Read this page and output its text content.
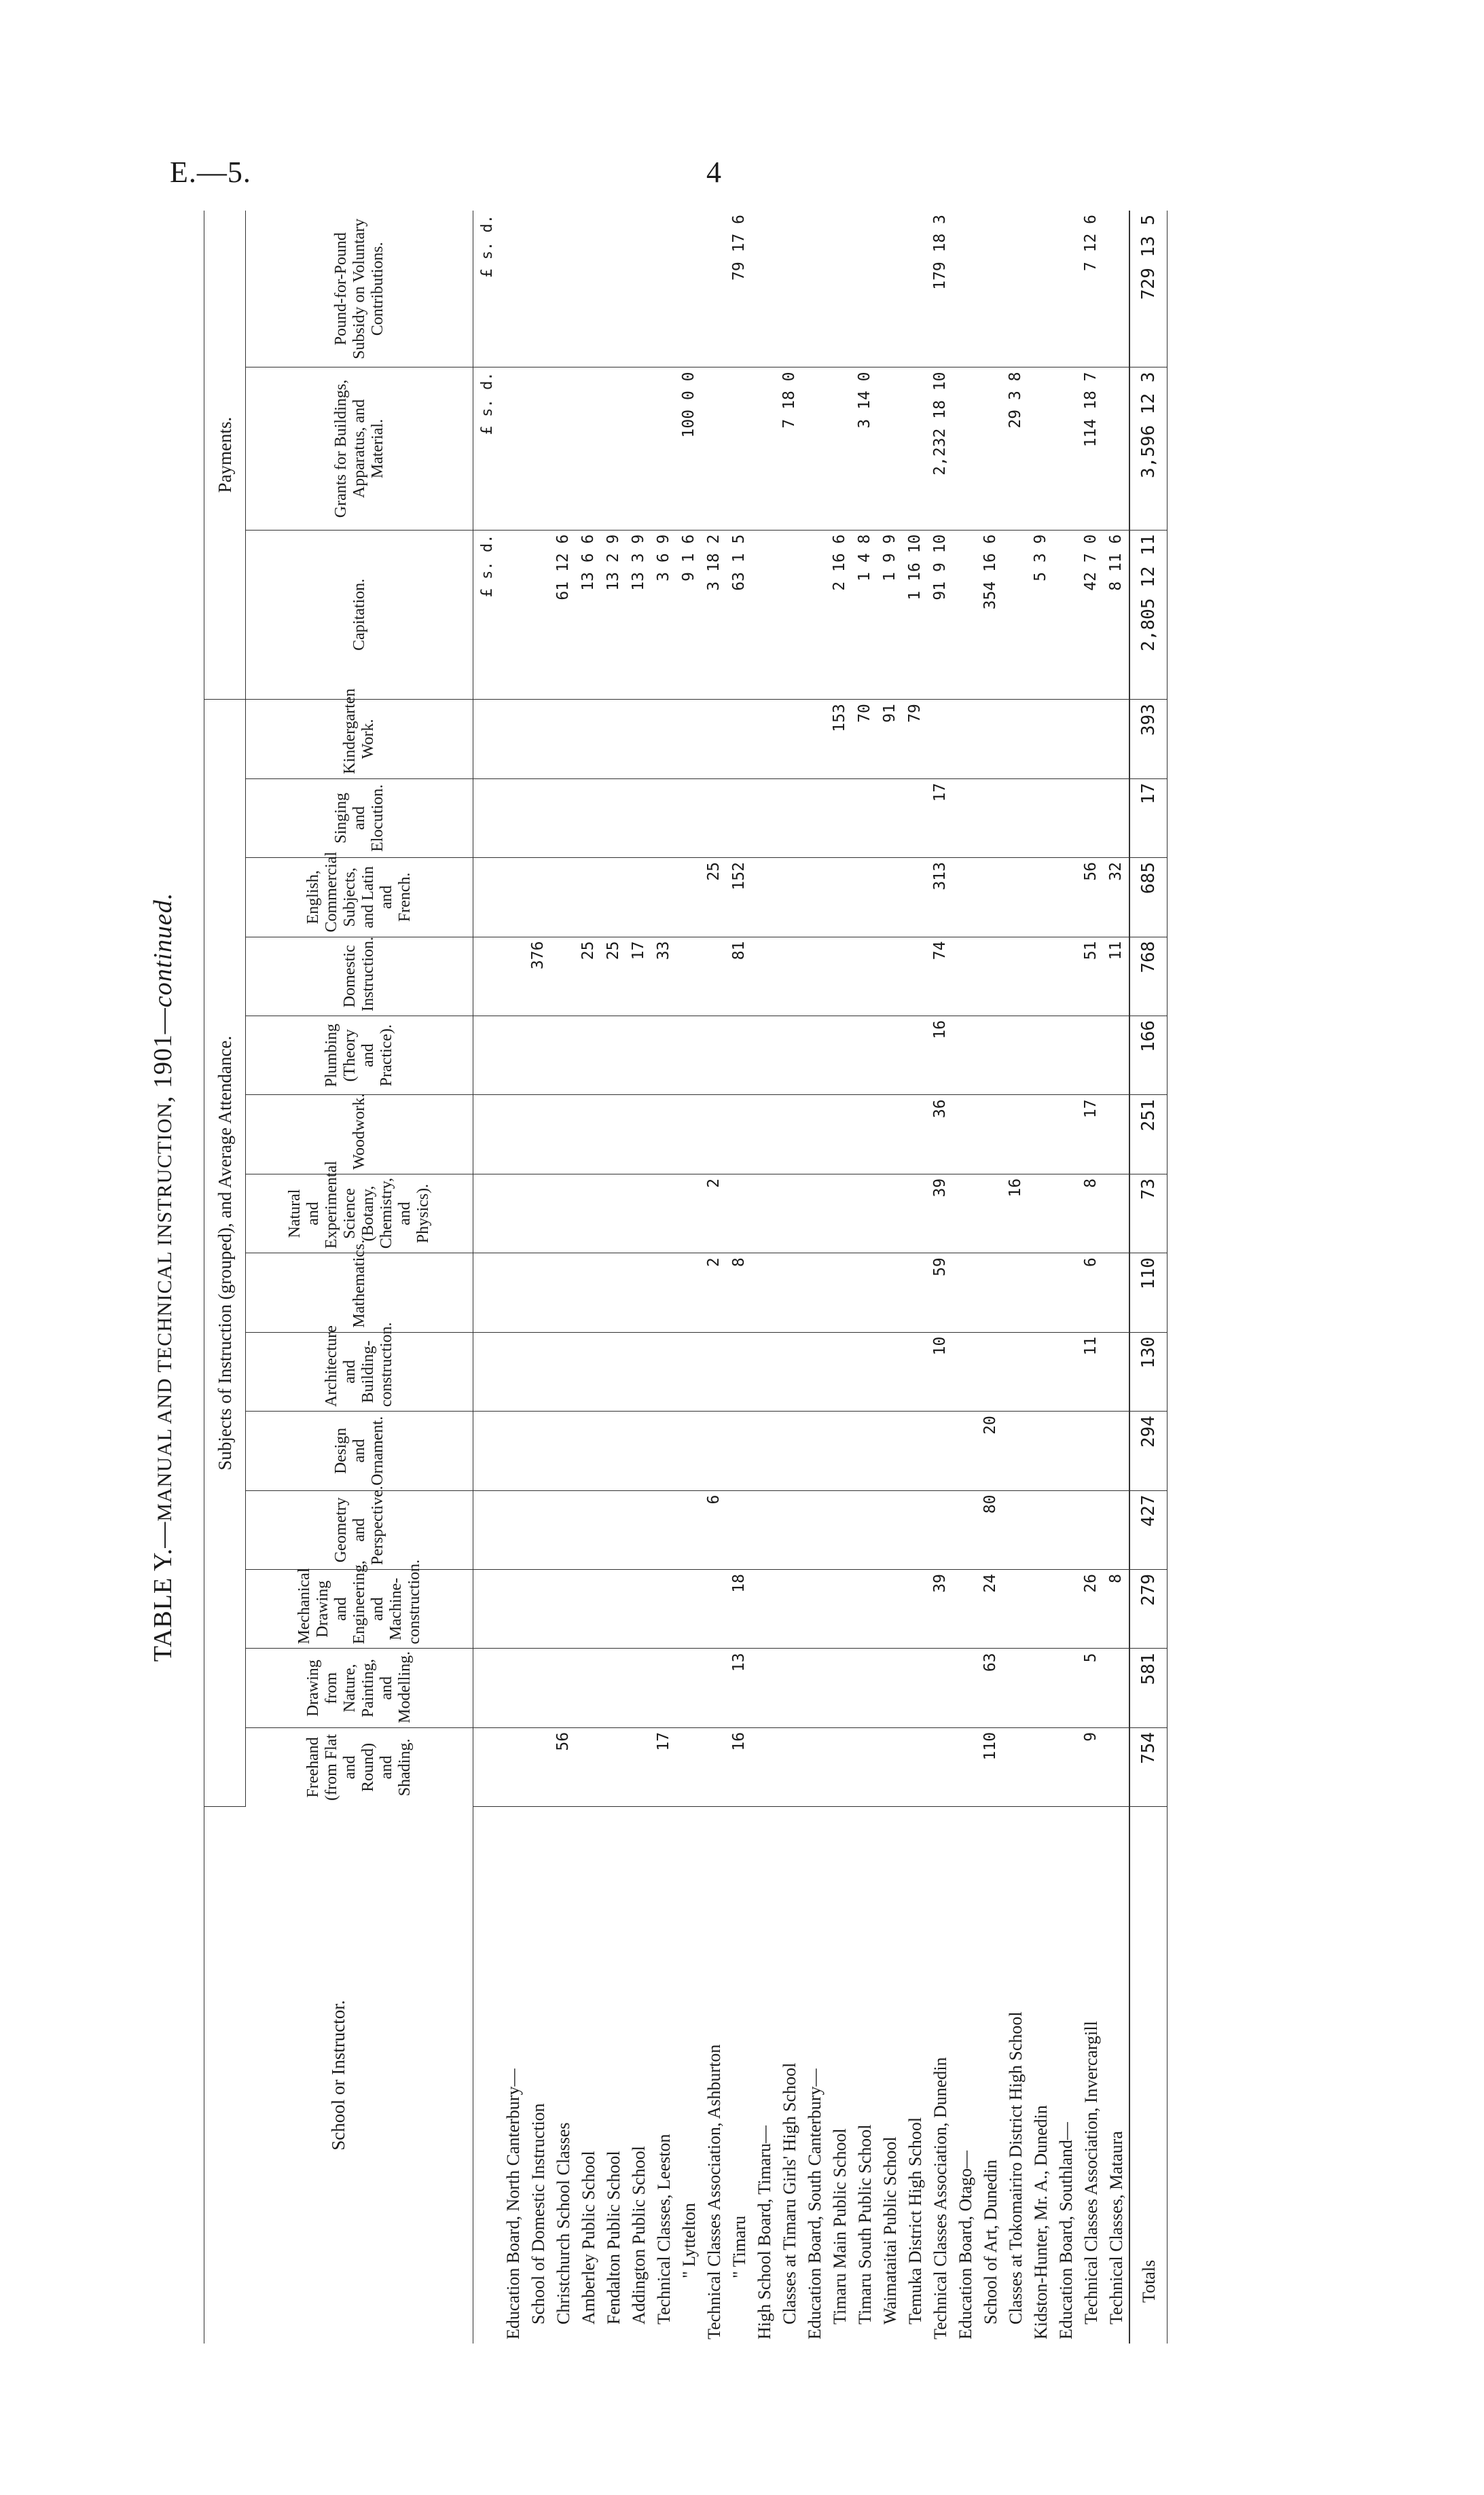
E.—5.	4
TABLE Y.—MANUAL AND TECHNICAL INSTRUCTION, 1901—continued.
School or Instructor.	Subjects of Instruction (grouped), and Average Attendance.														Payments.		
	Freehand (from Flat and Round) and Shading.	Drawing from Nature, Painting, and Modelling.	Mechanical Drawing and Engineering, and Machine-construction.	Geometry and Perspective.	Design and Ornament.	Architecture and Building-construction.	Mathematics.	Natural and Experimental Science (Botany, Chemistry, and Physics).	Woodwork.	Plumbing (Theory and Practice).	Domestic Instruction.	English, Commercial Subjects, and Latin and French.	Singing and Elocution.	Kindergarten Work.	Capitation.	Grants for Buildings, Apparatus, and Material.	Pound-for-Pound Subsidy on Voluntary Contributions.
															£ s. d.	£ s. d.	£ s. d.
Education Board, North Canterbury—																	
School of Domestic Instruction											376						
Christchurch School Classes	56														61 12 6		
Amberley Public School											25				13 6 6		
Fendalton Public School											25				13 2 9		
Addington Public School											17				13 3 9		
Technical Classes, Leeston	17										33				3 6 9		
" Lyttelton															9 1 6	100 0 0	
Technical Classes Association, Ashburton				6			2	2				25			3 18 2		
" Timaru	16	13	18				8				81	152			63 1 5		79 17 6
High School Board, Timaru—																	
Classes at Timaru Girls' High School																7 18 0	
Education Board, South Canterbury—																	
Timaru Main Public School														153	2 16 6		
Timaru South Public School														70	1 4 8	3 14 0	
Waimataitai Public School														91	1 9 9		
Temuka District High School														79	1 16 10		
Technical Classes Association, Dunedin			39			10	59	39	36	16	74	313	17		91 9 10	2,232 18 10	179 18 3
Education Board, Otago—																	
School of Art, Dunedin	110	63	24	80	20										354 16 6		
Classes at Tokomairiro District High School								16								29 3 8	
Kidston-Hunter, Mr. A., Dunedin															5 3 9		
Education Board, Southland—																	
Technical Classes Association, Invercargill	9	5	26			11	6	8	17		51	56			42 7 0	114 18 7	7 12 6
Technical Classes, Mataura			8								11	32			8 11 6		
Totals	754	581	279	427	294	130	110	73	251	166	768	685	17	393	2,805 12 11	3,596 12 3	729 13 5
